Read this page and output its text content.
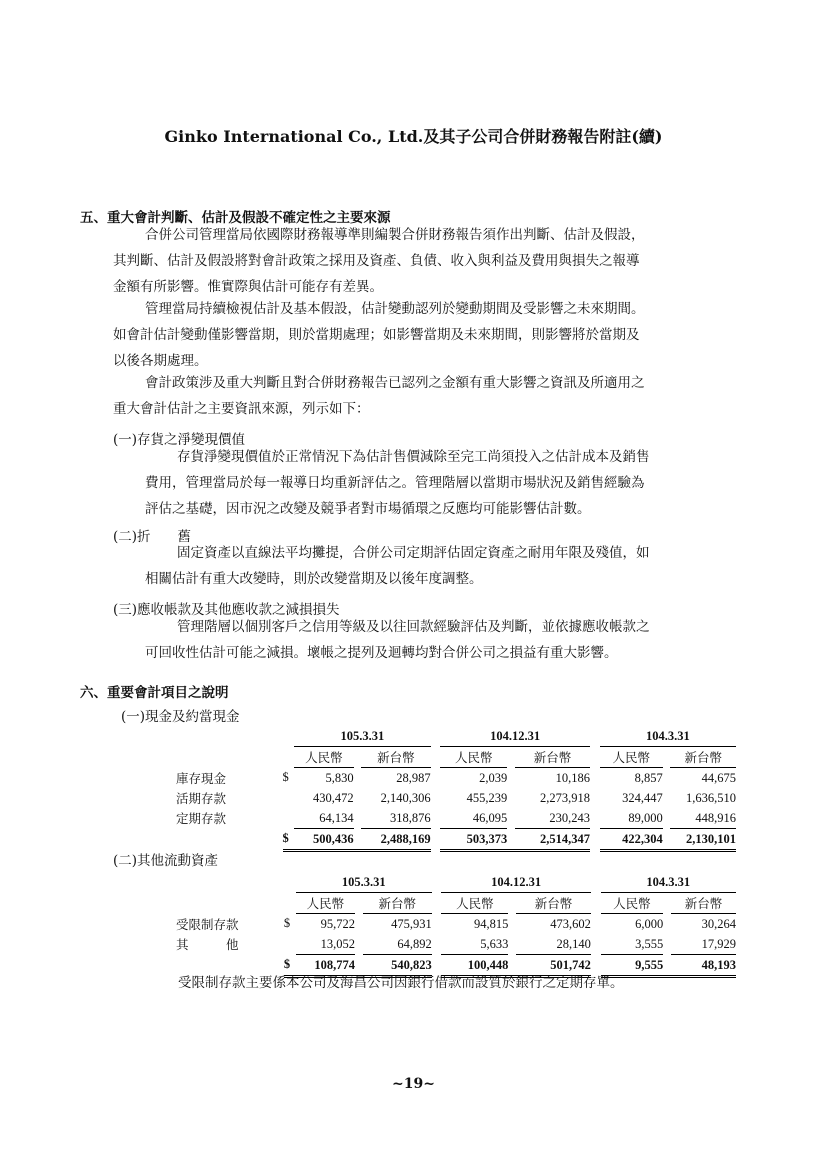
Ginko International Co., Ltd.及其子公司合併財務報告附註(續)
五、重大會計判斷、估計及假設不確定性之主要來源
合併公司管理當局依國際財務報導準則編製合併財務報告須作出判斷、估計及假設，
其判斷、估計及假設將對會計政策之採用及資產、負債、收入與利益及費用與損失之報導
金額有所影響。惟實際與估計可能存有差異。
管理當局持續檢視估計及基本假設，估計變動認列於變動期間及受影響之未來期間。
如會計估計變動僅影響當期，則於當期處理；如影響當期及未來期間，則影響將於當期及
以後各期處理。
會計政策涉及重大判斷且對合併財務報告已認列之金額有重大影響之資訊及所適用之
重大會計估計之主要資訊來源，列示如下：
(一)存貨之淨變現價值
存貨淨變現價值於正常情況下為估計售價減除至完工尚須投入之估計成本及銷售
費用，管理當局於每一報導日均重新評估之。管理階層以當期市場狀況及銷售經驗為
評估之基礎，因市況之改變及競爭者對市場循環之反應均可能影響估計數。
(二)折　　舊
固定資產以直線法平均攤提，合併公司定期評估固定資產之耐用年限及殘值，如
相關估計有重大改變時，則於改變當期及以後年度調整。
(三)應收帳款及其他應收款之減損損失
管理階層以個別客戶之信用等級及以往回款經驗評估及判斷，並依據應收帳款之
可回收性估計可能之減損。壞帳之提列及迴轉均對合併公司之損益有重大影響。
六、重要會計項目之說明
(一)現金及約當現金
		105.3.31				104.12.31				104.3.31		
		人民幣		新台幣		人民幣		新台幣		人民幣		新台幣
庫存現金	$	5,830		28,987		2,039		10,186		8,857		44,675
活期存款		430,472		2,140,306		455,239		2,273,918		324,447		1,636,510
定期存款		64,134		318,876		46,095		230,243		89,000		448,916
	$	500,436		2,488,169		503,373		2,514,347		422,304		2,130,101
(二)其他流動資產
		105.3.31				104.12.31				104.3.31		
		人民幣		新台幣		人民幣		新台幣		人民幣		新台幣
受限制存款	$	95,722		475,931		94,815		473,602		6,000		30,264
其　　　他		13,052		64,892		5,633		28,140		3,555		17,929
	$	108,774		540,823		100,448		501,742		9,555		48,193
受限制存款主要係本公司及海昌公司因銀行借款而設質於銀行之定期存單。
~19~
